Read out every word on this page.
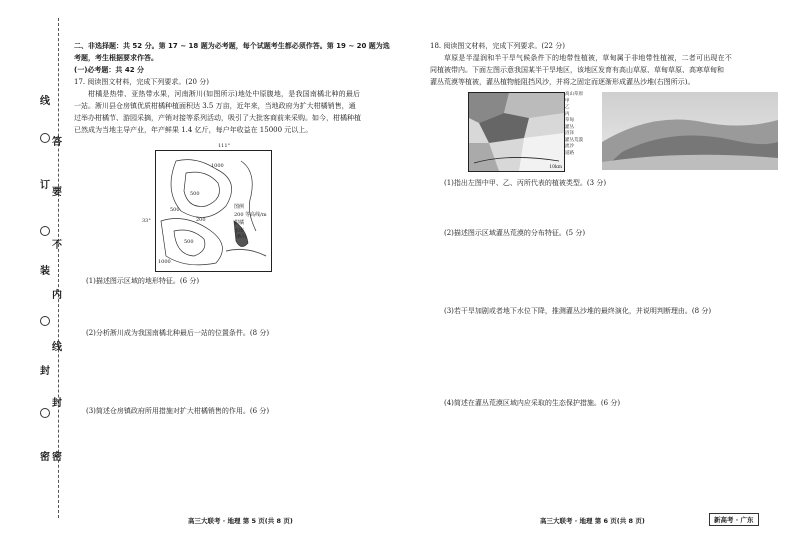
线
答
订
要
不
装
内
线
封
封
密 密
二、非选择题：共 52 分。第 17 ~ 18 题为必考题，每个试题考生都必须作答。第 19 ~ 20 题为选
考题，考生根据要求作答。
(一)必考题：共 42 分
17. 阅读图文材料，完成下列要求。(20 分)
柑橘是热带、亚热带水果，河南淅川(如图所示)地处中原腹地，是我国南橘北种的最后
一站。淅川县仓房镇优质柑橘种植面积达 3.5 万亩，近年来，当地政府为扩大柑橘销售，通
过举办柑橘节、游园采摘，产销对接等系列活动，吸引了大批客商前来采购。如今，柑橘种植
已然成为当地主导产业，年产鲜果 1.4 亿斤，每户年收益在 15000 元以上。
1000
500
500
200
500
1000
淅川
图例
200 等高线/m
柑橘
水库
111°
33°
(1)描述图示区域的地形特征。(6 分)
(2)分析淅川成为我国南橘北种最后一站的位置条件。(8 分)
(3)简述仓房镇政府所用措施对扩大柑橘销售的作用。(6 分)
高三大联考 · 地理 第 5 页(共 8 页)
18. 阅读图文材料，完成下列要求。(22 分)
草原是半湿润和半干旱气候条件下的地带性植被，草甸属于非地带性植被，二者可出现在不
同植被带内。下面左图示意我国某半干旱地区，该地区发育有高山草原、草甸草原、高寒草甸和
灌丛荒漠等植被，灌丛植物能阻挡风沙，并将之固定而逐渐形成灌丛沙堆(右图所示)。
10km
高山草原
甲
乙
丙
草甸
灌丛
沼泽
灌丛荒漠
流沙
道路
(1)指出左图中甲、乙、丙所代表的植被类型。(3 分)
(2)描述图示区域灌丛荒漠的分布特征。(5 分)
(3)若干旱加剧或者地下水位下降，推测灌丛沙堆的最终演化，并说明判断理由。(8 分)
(4)简述在灌丛荒漠区域内应采取的生态保护措施。(6 分)
高三大联考 · 地理 第 6 页(共 8 页)	新高考 · 广东
